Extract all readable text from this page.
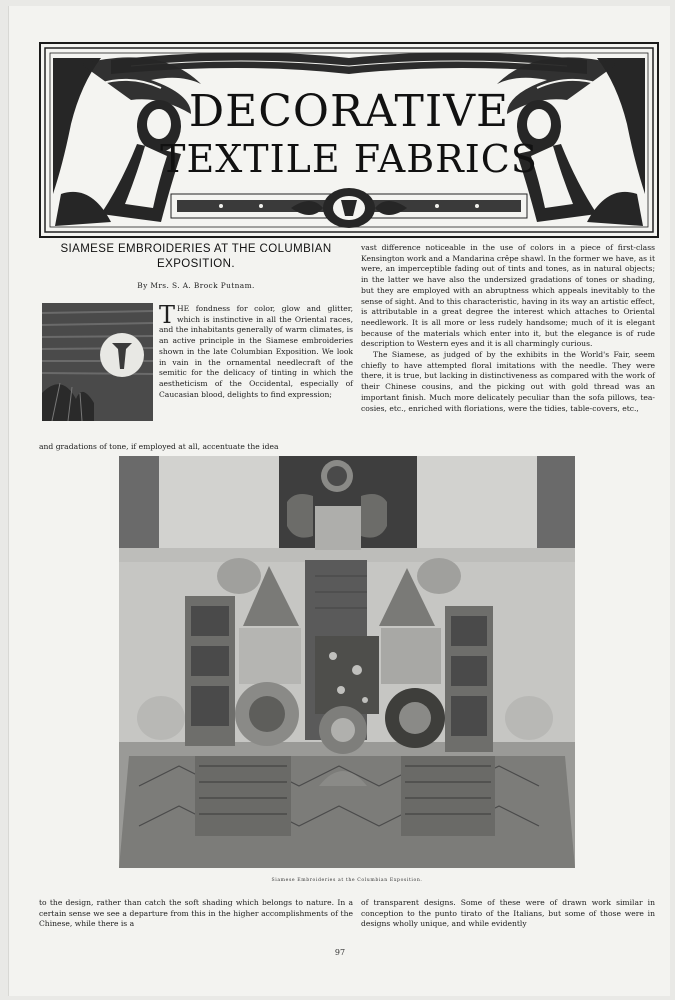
DECORATIVE
TEXTILE FABRICS
SIAMESE EMBROIDERIES AT THE COLUMBIAN EXPOSITION.
By Mrs. S. A. Brock Putnam.

THE fondness for color, glow and glitter, which is instinctive in all the Oriental races, and the inhabitants generally of warm climates, is an active principle in the Siamese embroideries shown in the late Columbian Exposition. We look in vain in the ornamental needlecraft of the semitic for the delicacy of tinting in which the aestheticism of the Occidental, especially of Caucasian blood, delights to find expression;

and gradations of tone, if employed at all, accentuate the idea

vast difference noticeable in the use of colors in a piece of first-class Kensington work and a Mandarina crêpe shawl. In the former we have, as it were, an imperceptible fading out of tints and tones, as in natural objects; in the latter we have also the undersized gradations of tones or shading, but they are employed with an abruptness which appeals inevitably to the sense of sight. And to this characteristic, having in its way an artistic effect, is attributable in a great degree the interest which attaches to Oriental needlework. It is all more or less rudely handsome; much of it is elegant because of the materials which enter into it, but the elegance is of rude description to Western eyes and it is all charmingly curious.

The Siamese, as judged of by the exhibits in the World's Fair, seem chiefly to have attempted floral imitations with the needle. They were there, it is true, but lacking in distinctiveness as compared with the work of their Chinese cousins, and the picking out with gold thread was an important finish. Much more delicately peculiar than the sofa pillows, tea-cosies, etc., enriched with floriations, were the tidies, table-covers, etc.,

Siamese Embroideries at the Columbian Exposition.

to the design, rather than catch the soft shading which belongs to nature. In a certain sense we see a departure from this in the higher accomplishments of the Chinese, while there is a

of transparent designs. Some of these were of drawn work similar in conception to the punto tirato of the Italians, but some of those were in designs wholly unique, and while evidently

97
